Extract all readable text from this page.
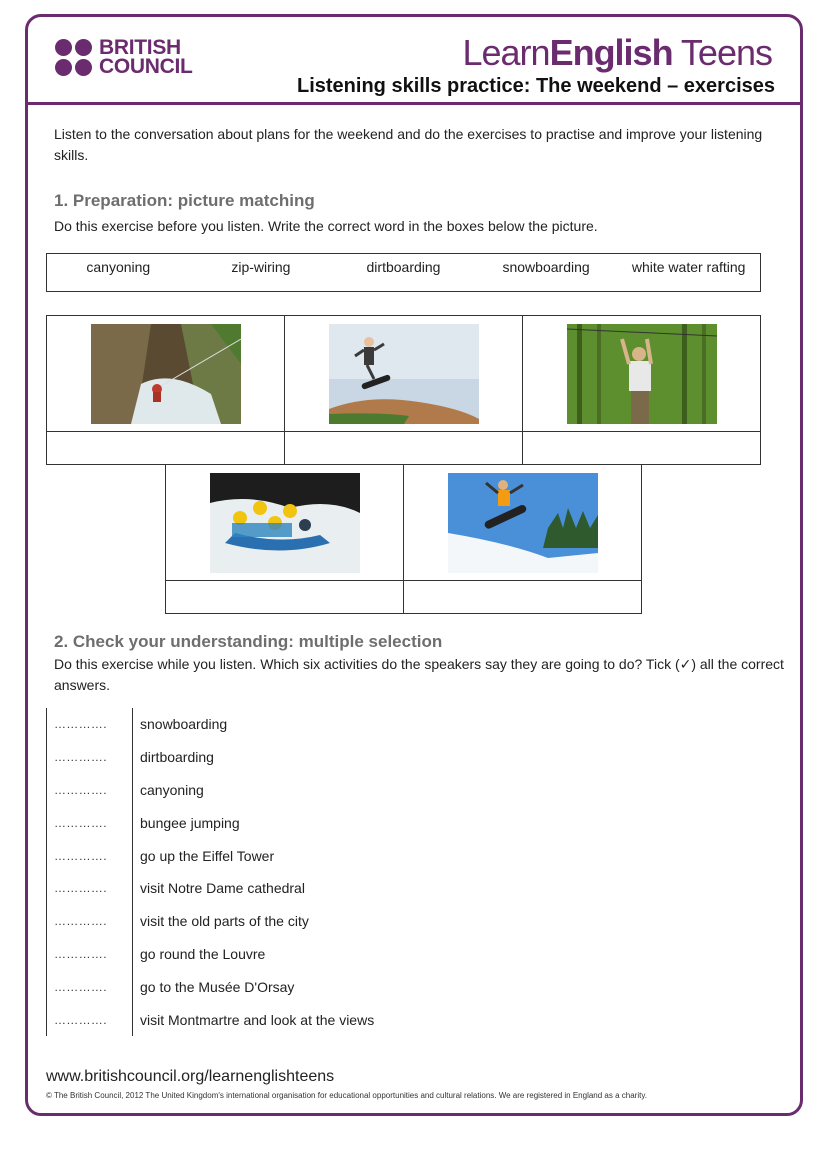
BRITISH
COUNCIL	LearnEnglish Teens
Listening skills practice: The weekend – exercises
Listen to the conversation about plans for the weekend and do the exercises to practise and improve your listening skills.
1. Preparation: picture matching
Do this exercise before you listen. Write the correct word in the boxes below the picture.
canyoning	zip-wiring	dirtboarding	snowboarding	white water rafting

2. Check your understanding: multiple selection
Do this exercise while you listen. Which six activities do the speakers say they are going to do? Tick (✓) all the correct answers.
………….	snowboarding
………….	dirtboarding
………….	canyoning
………….	bungee jumping
………….	go up the Eiffel Tower
………….	visit Notre Dame cathedral
………….	visit the old parts of the city
………….	go round the Louvre
………….	go to the Musée D'Orsay
………….	visit Montmartre and look at the views
www.britishcouncil.org/learnenglishteens
© The British Council, 2012 The United Kingdom's international organisation for educational opportunities and cultural relations. We are registered in England as a charity.
